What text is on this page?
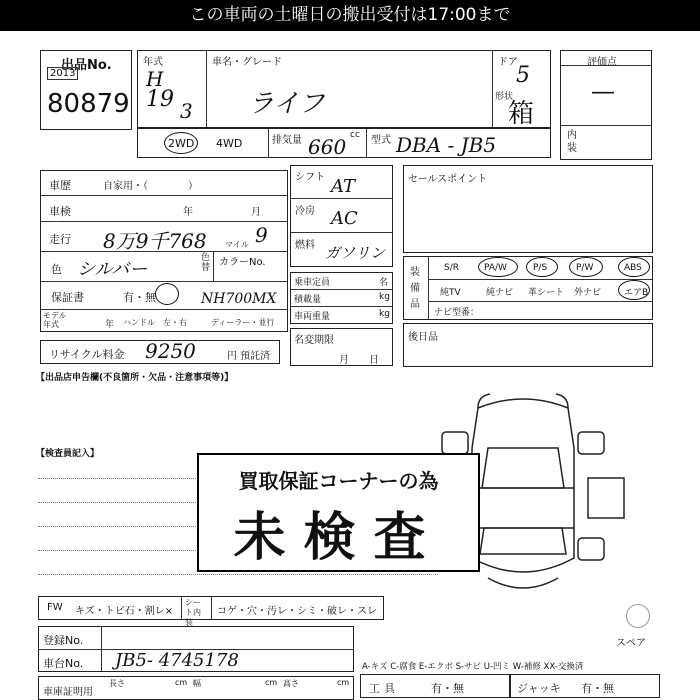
この車両の土曜日の搬出受付は17:00まで
出品No.
2013
80879
年式
H
19 3
車名・グレード
ライフ
ドア
5
形状
箱
評価点
—
内装
2WD 4WD	排気量 660 cc 型式 DBA - JB5
車歴	自家用・（　　　　）
車検	年	月
走行 8万9千768 マイル 9
色 シルバー
色替 カラーNo.
保証書	有・無	NH700MX
モデル年式	年 ハンドル　左・右	ディーラー・並行
リサイクル料金 9250	円 預託済
シフト AT
冷房 AC
燃料 ガソリン
乗車定員	名
積載量	kg
車両重量	kg
名変期限
月日
セールスポイント
装備品
S/R	PA/W	P/S	P/W	ABS
純TV	純ナビ 革シート 外ナビ	エアB
ナビ型番：
後日品
【出品店申告欄(不良箇所・欠品・注意事項等)】
【検査員記入】
スペア
買取保証コーナーの為
未検査
FW キズ・トビ石・割レ×
シート内装
コゲ・穴・汚レ・シミ・破レ・スレ
登録No.
車台No. JB5- 4745178
車庫証明用
長さ	cm 幅	cm 高さ	cm
A-キズ C-腐食 E-エクボ S-サビ U-凹ミ W-補修 XX-交換済
工具	有・無	ジャッキ 有・無
